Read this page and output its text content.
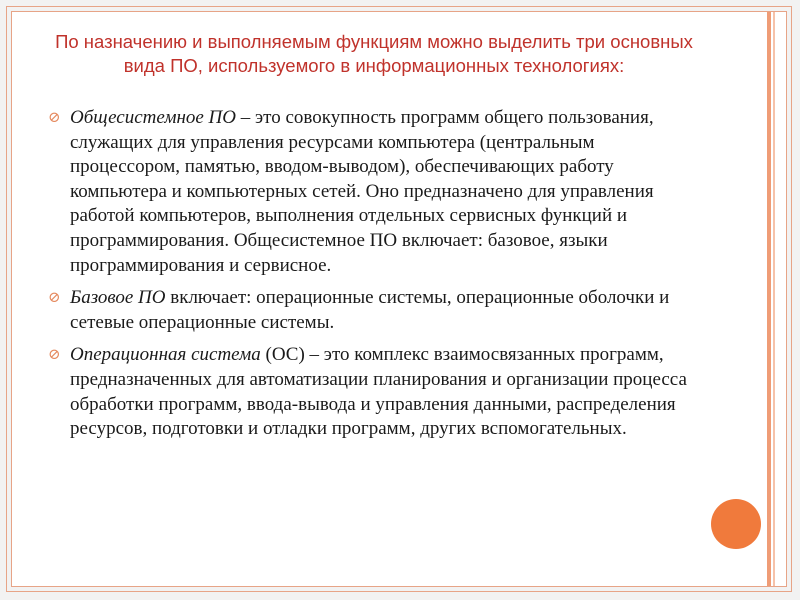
По назначению и выполняемым функциям можно выделить три основных вида ПО, используемого в информационных технологиях:
⊘ Общесистемное ПО – это совокупность программ общего пользования, служащих для управления ресурсами компьютера (центральным процессором, памятью, вводом-выводом), обеспечивающих работу компьютера и компьютерных сетей. Оно предназначено для управления работой компьютеров, выполнения отдельных сервисных функций и программирования. Общесистемное ПО включает: базовое, языки программирования и сервисное.
⊘ Базовое ПО включает: операционные системы, операционные оболочки и сетевые операционные системы.
⊘ Операционная система (ОС) – это комплекс взаимосвязанных программ, предназначенных для автоматизации планирования и организации процесса обработки программ, ввода-вывода и управления данными, распределения ресурсов, подготовки и отладки программ, других вспомогательных.
